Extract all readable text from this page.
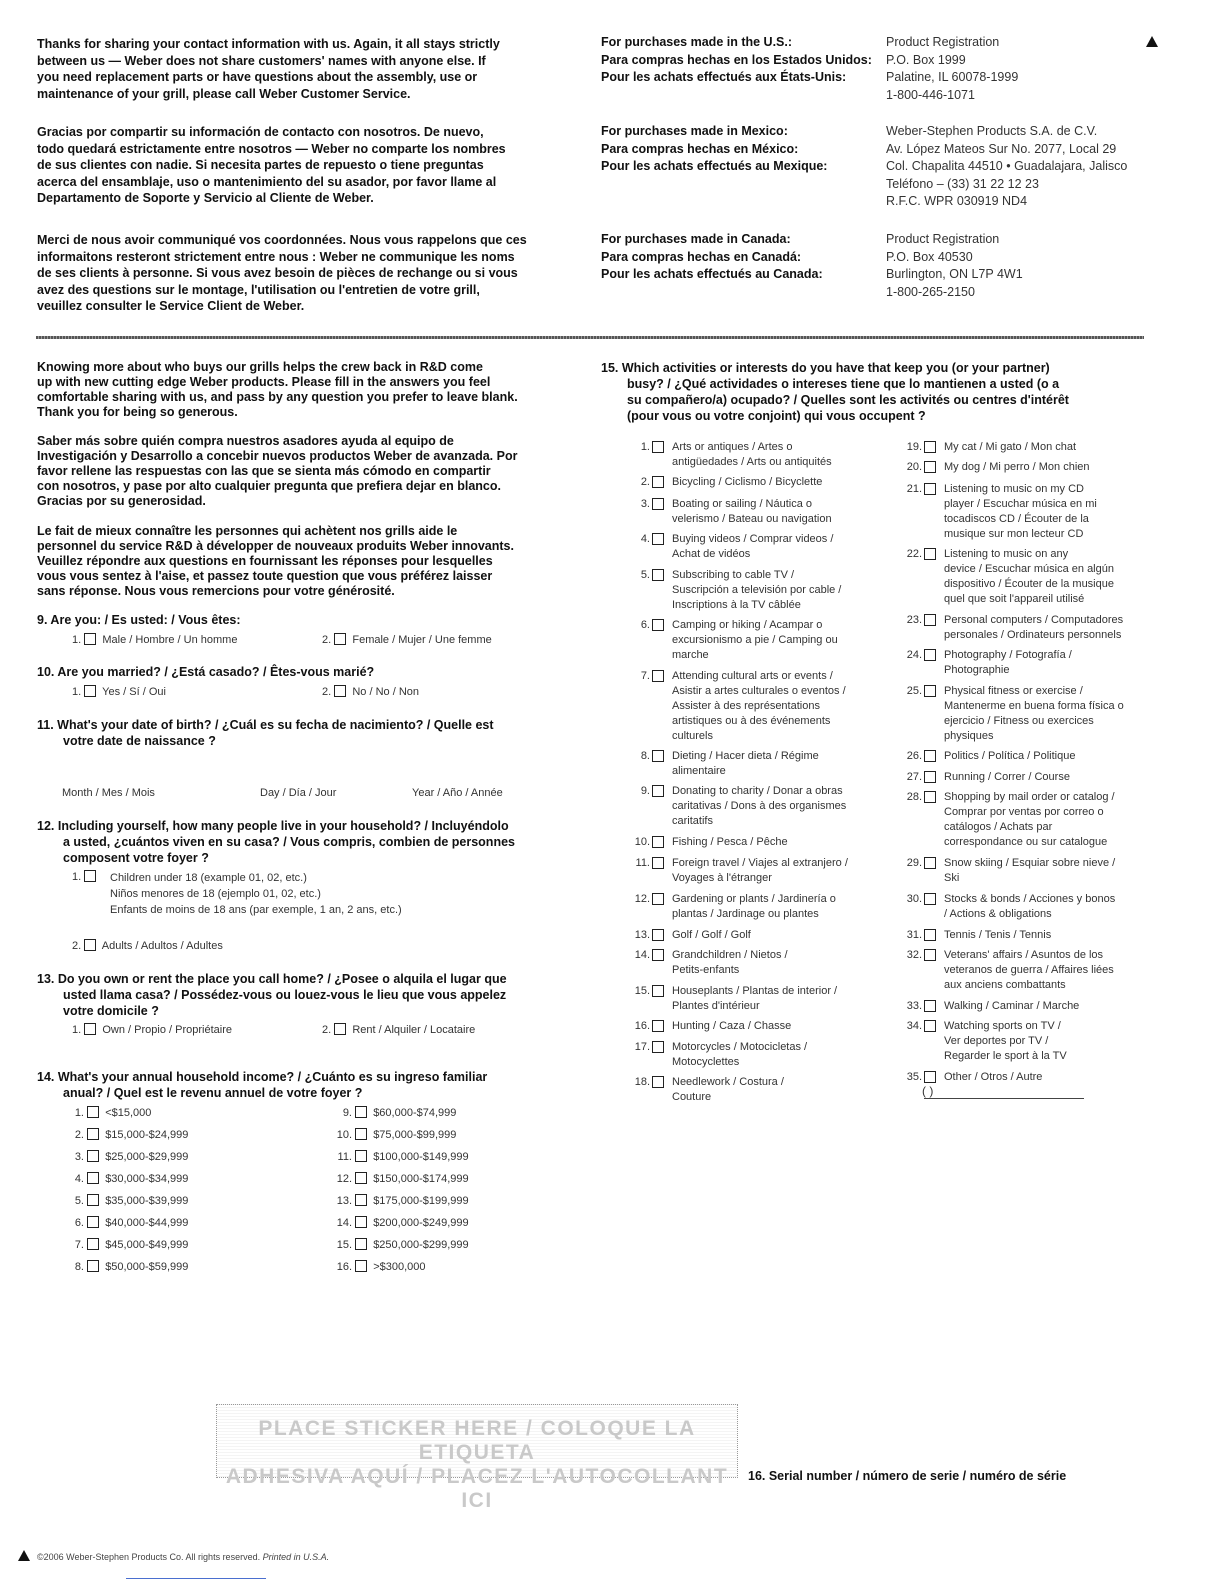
Thanks for sharing your contact information with us. Again, it all stays strictly
between us — Weber does not share customers' names with anyone else. If
you need replacement parts or have questions about the assembly, use or
maintenance of your grill, please call Weber Customer Service.
Gracias por compartir su información de contacto con nosotros. De nuevo,
todo quedará estrictamente entre nosotros — Weber no comparte los nombres
de sus clientes con nadie. Si necesita partes de repuesto o tiene preguntas
acerca del ensamblaje, uso o mantenimiento del su asador, por favor llame al
Departamento de Soporte y Servicio al Cliente de Weber.
Merci de nous avoir communiqué vos coordonnées. Nous vous rappelons que ces
informaitons resteront strictement entre nous : Weber ne communique les noms
de ses clients à personne. Si vous avez besoin de pièces de rechange ou si vous
avez des questions sur le montage, l'utilisation ou l'entretien de votre grill,
veuillez consulter le Service Client de Weber.
For purchases made in the U.S.:
Para compras hechas en los Estados Unidos:
Pour les achats effectués aux États-Unis:
Product Registration
P.O. Box 1999
Palatine, IL 60078-1999
1-800-446-1071
For purchases made in Mexico:
Para compras hechas en México:
Pour les achats effectués au Mexique:
Weber-Stephen Products S.A. de C.V.
Av. López Mateos Sur No. 2077, Local 29
Col. Chapalita 44510 • Guadalajara, Jalisco
Teléfono – (33) 31 22 12 23
R.F.C. WPR 030919 ND4
For purchases made in Canada:
Para compras hechas en Canadá:
Pour les achats effectués au Canada:
Product Registration
P.O. Box 40530
Burlington, ON L7P 4W1
1-800-265-2150
Knowing more about who buys our grills helps the crew back in R&D come
up with new cutting edge Weber products. Please fill in the answers you feel
comfortable sharing with us, and pass by any question you prefer to leave blank.
Thank you for being so generous.
Saber más sobre quién compra nuestros asadores ayuda al equipo de
Investigación y Desarrollo a concebir nuevos productos Weber de avanzada. Por
favor rellene las respuestas con las que se sienta más cómodo en compartir
con nosotros, y pase por alto cualquier pregunta que prefiera dejar en blanco.
Gracias por su generosidad.
Le fait de mieux connaître les personnes qui achètent nos grills aide le
personnel du service R&D à développer de nouveaux produits Weber innovants.
Veuillez répondre aux questions en fournissant les réponses pour lesquelles
vous vous sentez à l'aise, et passez toute question que vous préférez laisser
sans réponse. Nous vous remercions pour votre générosité.
9. Are you: / Es usted: / Vous êtes:
1.   Male / Hombre / Un homme	2.   Female / Mujer / Une femme
10. Are you married? / ¿Está casado? / Êtes-vous marié?
1.   Yes / Sí / Oui	2.   No / No / Non
11. What's your date of birth? / ¿Cuál es su fecha de nacimiento? / Quelle est
votre date de naissance ?
Month / Mes / Mois	Day / Día / Jour	Year / Año / Année
12. Including yourself, how many people live in your household? / Incluyéndolo
a usted, ¿cuántos viven en su casa? / Vous compris, combien de personnes
composent votre foyer ?
1.	Children under 18 (example 01, 02, etc.)
Niños menores de 18 (ejemplo 01, 02, etc.)
Enfants de moins de 18 ans (par exemple, 1 an, 2 ans, etc.)
2.   Adults / Adultos / Adultes
13. Do you own or rent the place you call home? / ¿Posee o alquila el lugar que
usted llama casa? / Possédez-vous ou louez-vous le lieu que vous appelez
votre domicile ?
1.   Own / Propio / Propriétaire	2.   Rent / Alquiler / Locataire
14. What's your annual household income? / ¿Cuánto es su ingreso familiar
anual? / Quel est le revenu annuel de votre foyer ?
1. <$15,000
2. $15,000-$24,999
3. $25,000-$29,999
4. $30,000-$34,999
5. $35,000-$39,999
6. $40,000-$44,999
7. $45,000-$49,999
8. $50,000-$59,999
9. $60,000-$74,999
10. $75,000-$99,999
11. $100,000-$149,999
12. $150,000-$174,999
13. $175,000-$199,999
14. $200,000-$249,999
15. $250,000-$299,999
16. >$300,000
15. Which activities or interests do you have that keep you (or your partner)
busy? / ¿Qué actividades o intereses tiene que lo mantienen a usted (o a
su compañero/a) ocupado? / Quelles sont les activités ou centres d'intérêt
(pour vous ou votre conjoint) qui vous occupent ?
1. Arts or antiques / Artes o
antigüedades / Arts ou antiquités
2. Bicycling / Ciclismo / Bicyclette
3. Boating or sailing / Náutica o
velerismo / Bateau ou navigation
4. Buying videos / Comprar videos /
Achat de vidéos
5. Subscribing to cable TV /
Suscripción a televisión por cable /
Inscriptions à la TV câblée
6. Camping or hiking / Acampar o
excursionismo a pie / Camping ou
marche
7. Attending cultural arts or events /
Asistir a artes culturales o eventos /
Assister à des représentations
artistiques ou à des événements
culturels
8. Dieting / Hacer dieta / Régime
alimentaire
9. Donating to charity / Donar a obras
caritativas / Dons à des organismes
caritatifs
10. Fishing / Pesca / Pêche
11. Foreign travel / Viajes al extranjero /
Voyages à l'étranger
12. Gardening or plants / Jardinería o
plantas / Jardinage ou plantes
13. Golf / Golf / Golf
14. Grandchildren / Nietos /
Petits-enfants
15. Houseplants / Plantas de interior /
Plantes d'intérieur
16. Hunting / Caza / Chasse
17. Motorcycles / Motocicletas /
Motocyclettes
18. Needlework / Costura /
Couture
19. My cat / Mi gato / Mon chat
20. My dog / Mi perro / Mon chien
21. Listening to music on my CD
player / Escuchar música en mi
tocadiscos CD / Écouter de la
musique sur mon lecteur CD
22. Listening to music on any
device / Escuchar música en algún
dispositivo / Écouter de la musique
quel que soit l'appareil utilisé
23. Personal computers / Computadores
personales / Ordinateurs personnels
24. Photography / Fotografía /
Photographie
25. Physical fitness or exercise /
Mantenerme en buena forma física o
ejercicio / Fitness ou exercices
physiques
26. Politics / Política / Politique
27. Running / Correr / Course
28. Shopping by mail order or catalog /
Comprar por ventas por correo o
catálogos / Achats par
correspondance ou sur catalogue
29. Snow skiing / Esquiar sobre nieve /
Ski
30. Stocks & bonds / Acciones y bonos
/ Actions & obligations
31. Tennis / Tenis / Tennis
32. Veterans' affairs / Asuntos de los
veteranos de guerra / Affaires liées
aux anciens combattants
33. Walking / Caminar / Marche
34. Watching sports on TV /
Ver deportes por TV /
Regarder le sport à la TV
35. Other / Otros / Autre
( )
PLACE STICKER HERE / COLOQUE LA ETIQUETA
ADHESIVA AQUÍ / PLACEZ L'AUTOCOLLANT ICI
16. Serial number / número de serie / numéro de série
©2006 Weber-Stephen Products Co. All rights reserved. Printed in U.S.A.
